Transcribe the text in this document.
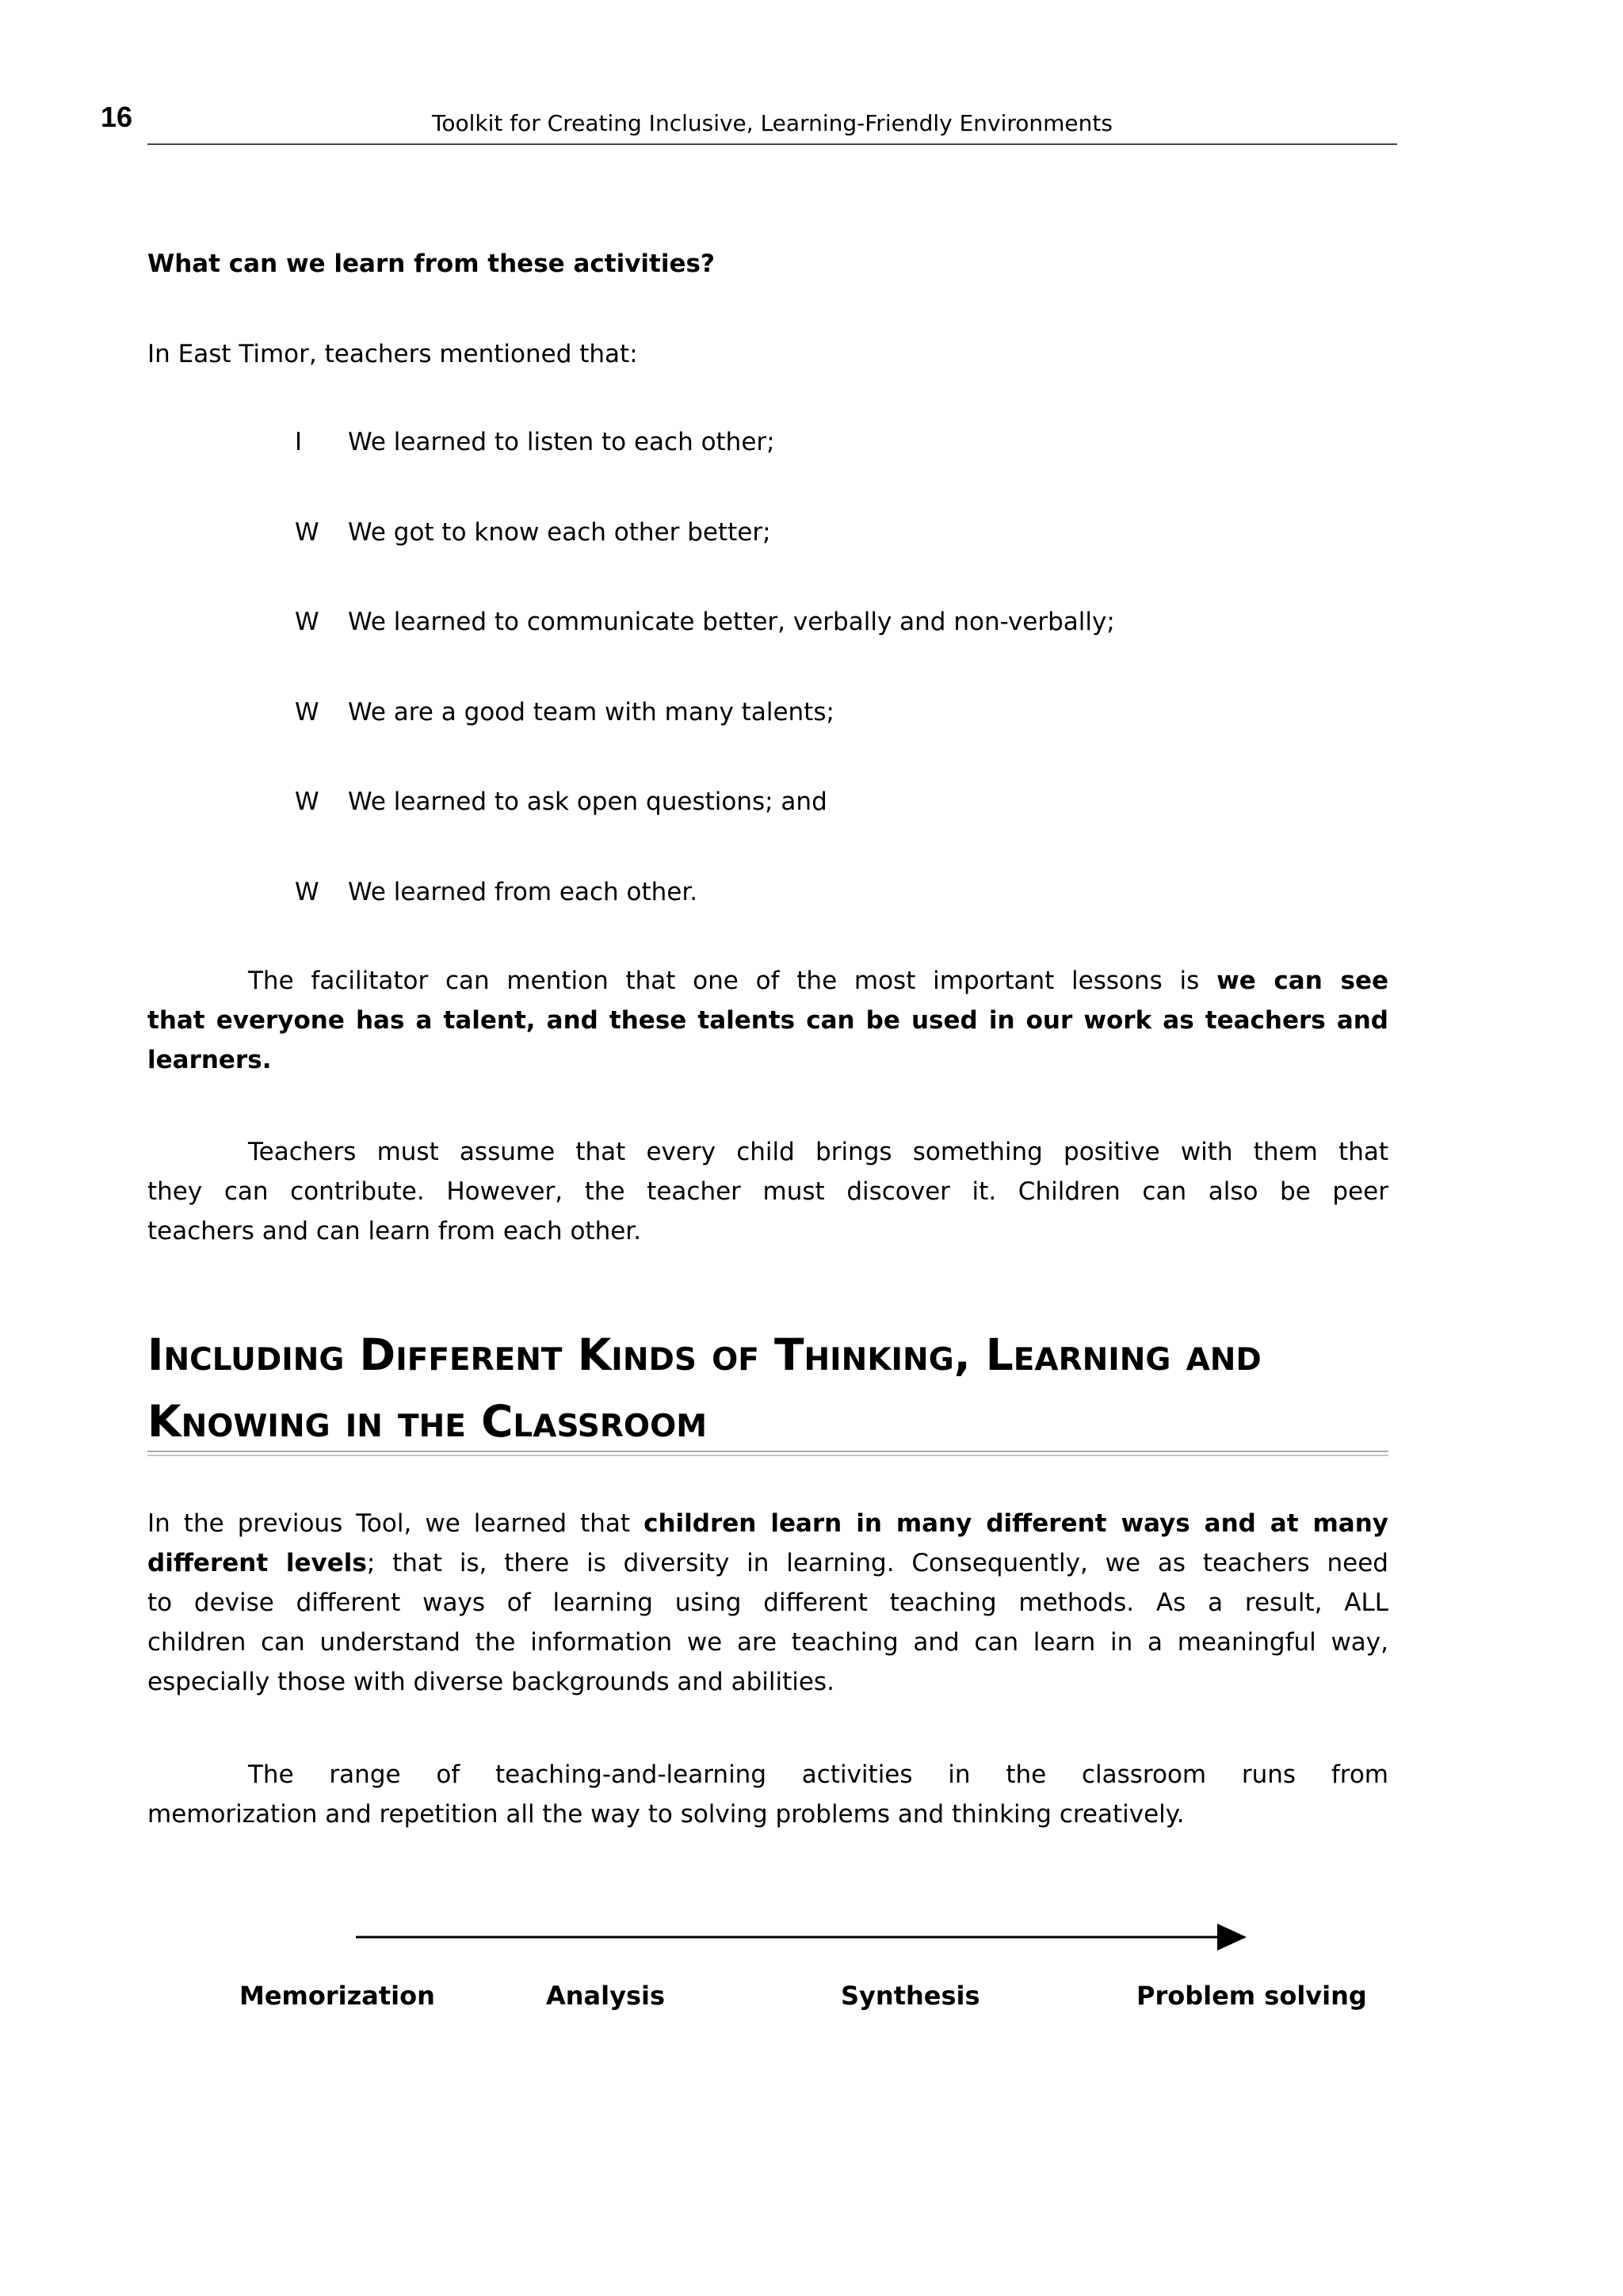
16	Toolkit for Creating Inclusive, Learning-Friendly Environments
What can we learn from these activities?
In East Timor, teachers mentioned that:
I We learned to listen to each other;
W We got to know each other better;
W We learned to communicate better, verbally and non-verbally;
W We are a good team with many talents;
W We learned to ask open questions; and
W We learned from each other.
The facilitator can mention that one of the most important lessons is we can see
that everyone has a talent, and these talents can be used in our work as teachers and
learners.
Teachers must assume that every child brings something positive with them that
they can contribute. However, the teacher must discover it. Children can also be peer
teachers and can learn from each other.
Including Different Kinds of Thinking, Learning and
Knowing in the Classroom
In the previous Tool, we learned that children learn in many different ways and at many
different levels; that is, there is diversity in learning. Consequently, we as teachers need
to devise different ways of learning using different teaching methods. As a result, ALL
children can understand the information we are teaching and can learn in a meaningful way,
especially those with diverse backgrounds and abilities.
The range of teaching-and-learning activities in the classroom runs from
memorization and repetition all the way to solving problems and thinking creatively.
Memorization	Analysis	Synthesis	Problem solving
